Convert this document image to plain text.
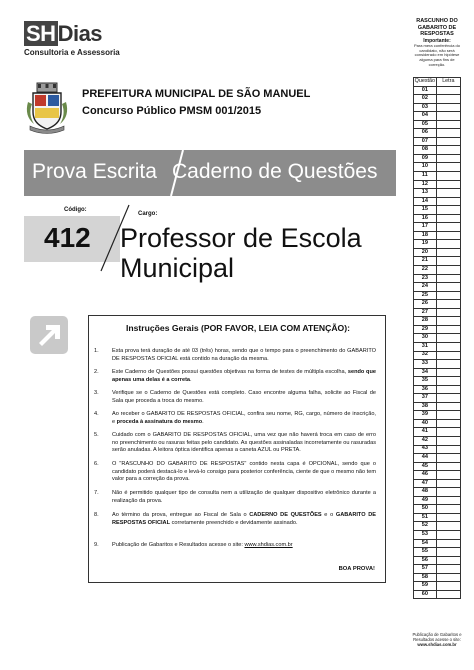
SHDias
Consultoria e Assessoria
PREFEITURA MUNICIPAL DE SÃO MANUEL
Concurso Público PMSM 001/2015
Prova Escrita Caderno de Questões
Código:
Cargo:
412 Professor de Escola
Municipal
Instruções Gerais (POR FAVOR, LEIA COM ATENÇÃO):
1.	Esta prova terá duração de até 03 (três) horas, sendo que o tempo para o preenchimento do GABARITO DE RESPOSTAS OFICIAL está contido na duração da mesma.
2.	Este Caderno de Questões possui questões objetivas na forma de testes de múltipla escolha, sendo que apenas uma delas é a correta.
3.	Verifique se o Caderno de Questões está completo. Caso encontre alguma falha, solicite ao Fiscal de Sala que proceda a troca do mesmo.
4.	Ao receber o GABARITO DE RESPOSTAS OFICIAL, confira seu nome, RG, cargo, número de inscrição, e proceda à assinatura do mesmo.
5.	Cuidado com o GABARITO DE RESPOSTAS OFICIAL, uma vez que não haverá troca em caso de erro no preenchimento ou rasuras feitas pelo candidato. As questões assinaladas incorretamente ou rasuradas serão anuladas. A leitora óptica identifica apenas a caneta AZUL ou PRETA.
6.	O "RASCUNHO DO GABARITO DE RESPOSTAS" contido nesta capa é OPCIONAL, sendo que o candidato poderá destacá-lo e levá-lo consigo para posterior conferência, ciente de que o mesmo não tem valor para a correção da prova.
7.	Não é permitido qualquer tipo de consulta nem a utilização de qualquer dispositivo eletrônico durante a realização da prova.
8.	Ao término da prova, entregue ao Fiscal de Sala o CADERNO DE QUESTÕES e o GABARITO DE RESPOSTAS OFICIAL corretamente preenchido e devidamente assinado.
9.	Publicação de Gabaritos e Resultados acesse o site: www.shdias.com.br
BOA PROVA!
RASCUNHO DO
GABARITO DE
RESPOSTAS
Importante:
Para mera conferência do
candidato, não será
considerado em hipótese
alguma para fins de
correção.
Questão	Letra
01	
02	
03	
04	
05	
06	
07	
08	
09	
10	
11	
12	
13	
14	
15	
16	
17	
18	
19	
20	
21	
22	
23	
24	
25	
26	
27	
28	
29	
30	
31	
32	
33	
34	
35	
36	
37	
38	
39	
40	
41	
42	
43	
44	
45	
46	
47	
48	
49	
50	
51	
52	
53	
54	
55	
56	
57	
58	
59	
60	
Publicação de Gabaritos e
Resultados acesse o site:
www.shdias.com.br
